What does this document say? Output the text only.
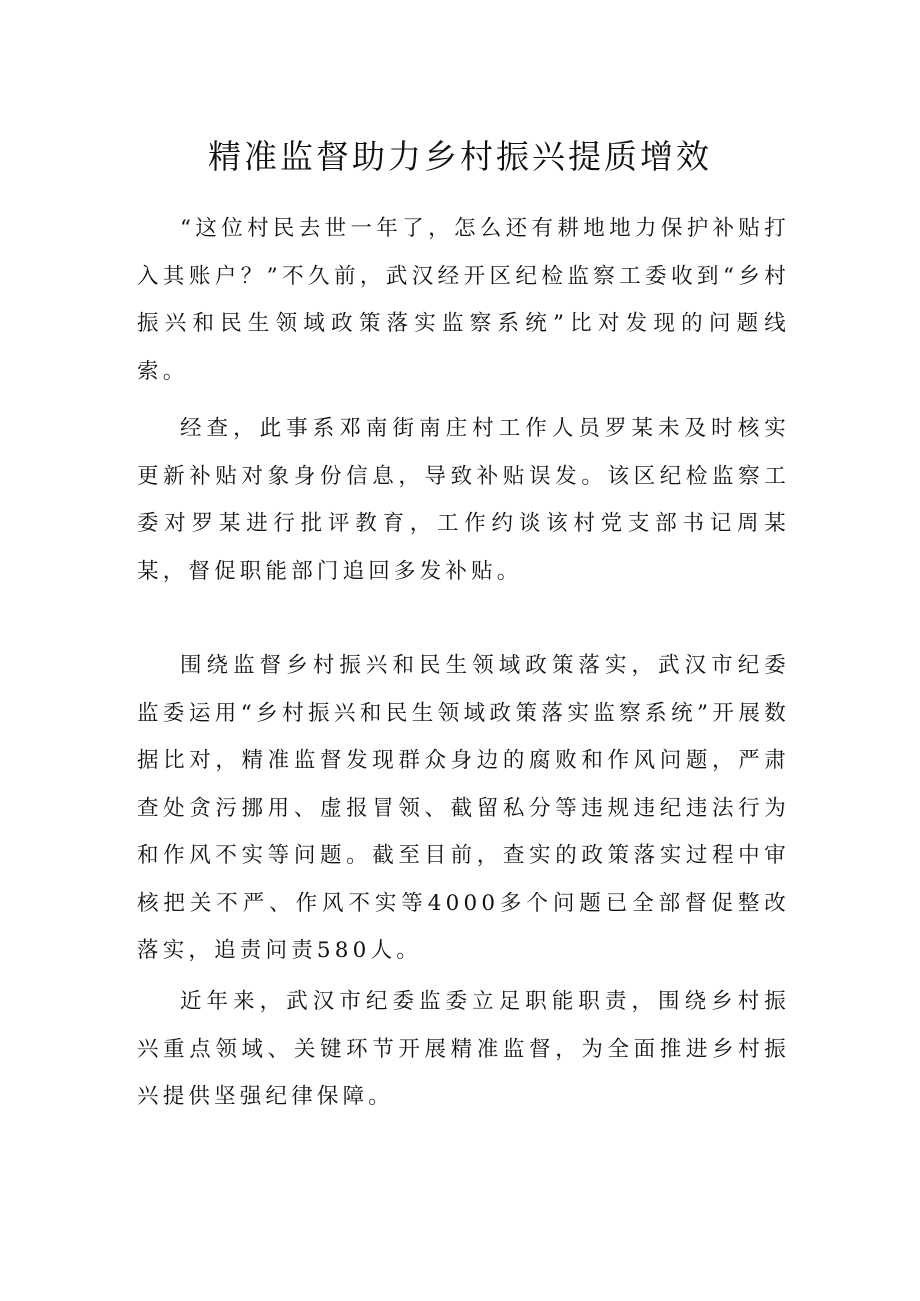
精准监督助力乡村振兴提质增效

“这位村民去世一年了，怎么还有耕地地力保护补贴打入其账户？”不久前，武汉经开区纪检监察工委收到“乡村振兴和民生领域政策落实监察系统”比对发现的问题线索。

经查，此事系邓南街南庄村工作人员罗某未及时核实更新补贴对象身份信息，导致补贴误发。该区纪检监察工委对罗某进行批评教育，工作约谈该村党支部书记周某某，督促职能部门追回多发补贴。

围绕监督乡村振兴和民生领域政策落实，武汉市纪委监委运用“乡村振兴和民生领域政策落实监察系统”开展数据比对，精准监督发现群众身边的腐败和作风问题，严肃查处贪污挪用、虚报冒领、截留私分等违规违纪违法行为和作风不实等问题。截至目前，查实的政策落实过程中审核把关不严、作风不实等4000多个问题已全部督促整改落实，追责问责580人。

近年来，武汉市纪委监委立足职能职责，围绕乡村振兴重点领域、关键环节开展精准监督，为全面推进乡村振兴提供坚强纪律保障。
